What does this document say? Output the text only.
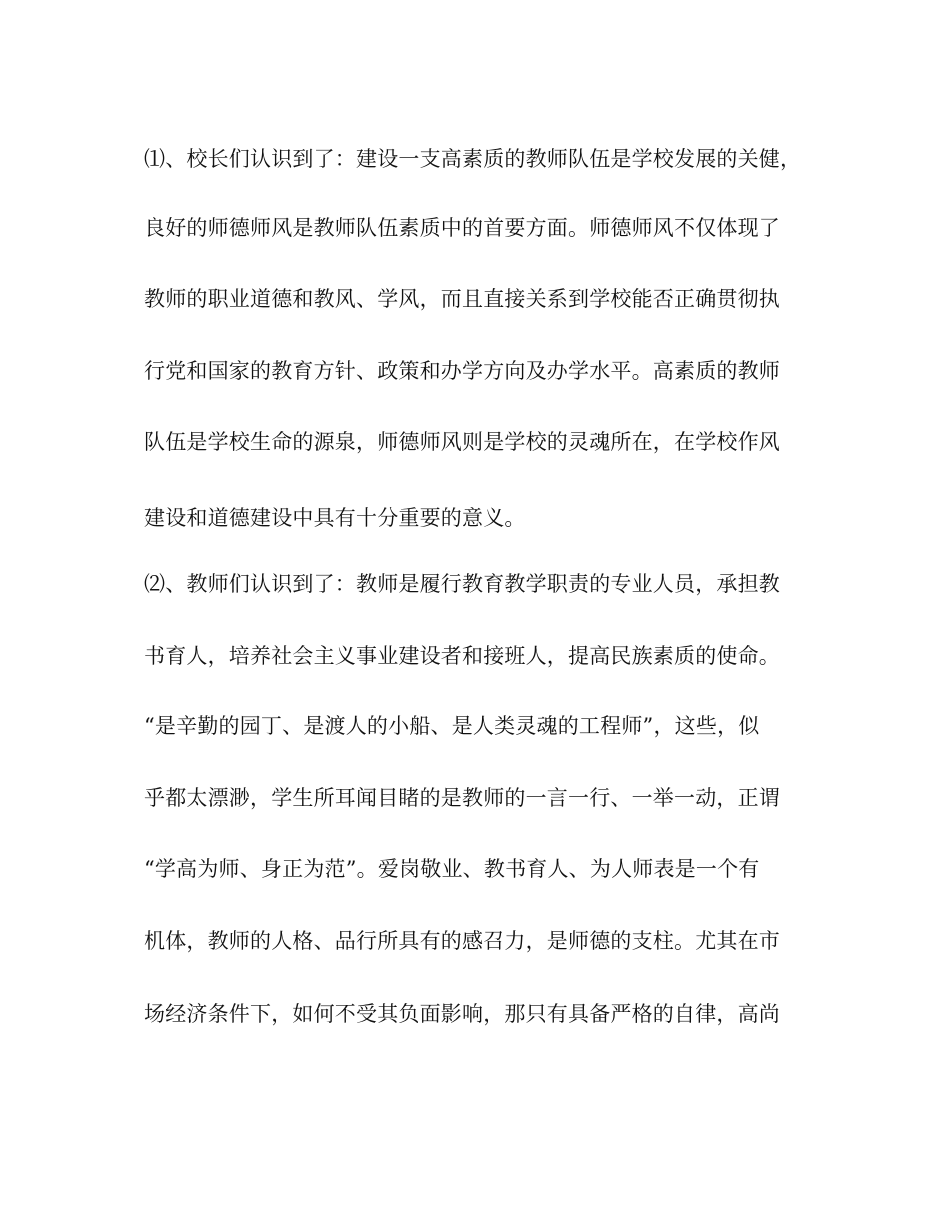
⑴、校长们认识到了：建设一支高素质的教师队伍是学校发展的关健，
良好的师德师风是教师队伍素质中的首要方面。师德师风不仅体现了
教师的职业道德和教风、学风，而且直接关系到学校能否正确贯彻执
行党和国家的教育方针、政策和办学方向及办学水平。高素质的教师
队伍是学校生命的源泉，师德师风则是学校的灵魂所在，在学校作风
建设和道德建设中具有十分重要的意义。
⑵、教师们认识到了：教师是履行教育教学职责的专业人员，承担教
书育人，培养社会主义事业建设者和接班人，提高民族素质的使命。
“是辛勤的园丁、是渡人的小船、是人类灵魂的工程师”，这些，似
乎都太漂渺，学生所耳闻目睹的是教师的一言一行、一举一动，正谓
“学高为师、身正为范”。爱岗敬业、教书育人、为人师表是一个有
机体，教师的人格、品行所具有的感召力，是师德的支柱。尤其在市
场经济条件下，如何不受其负面影响，那只有具备严格的自律，高尚
